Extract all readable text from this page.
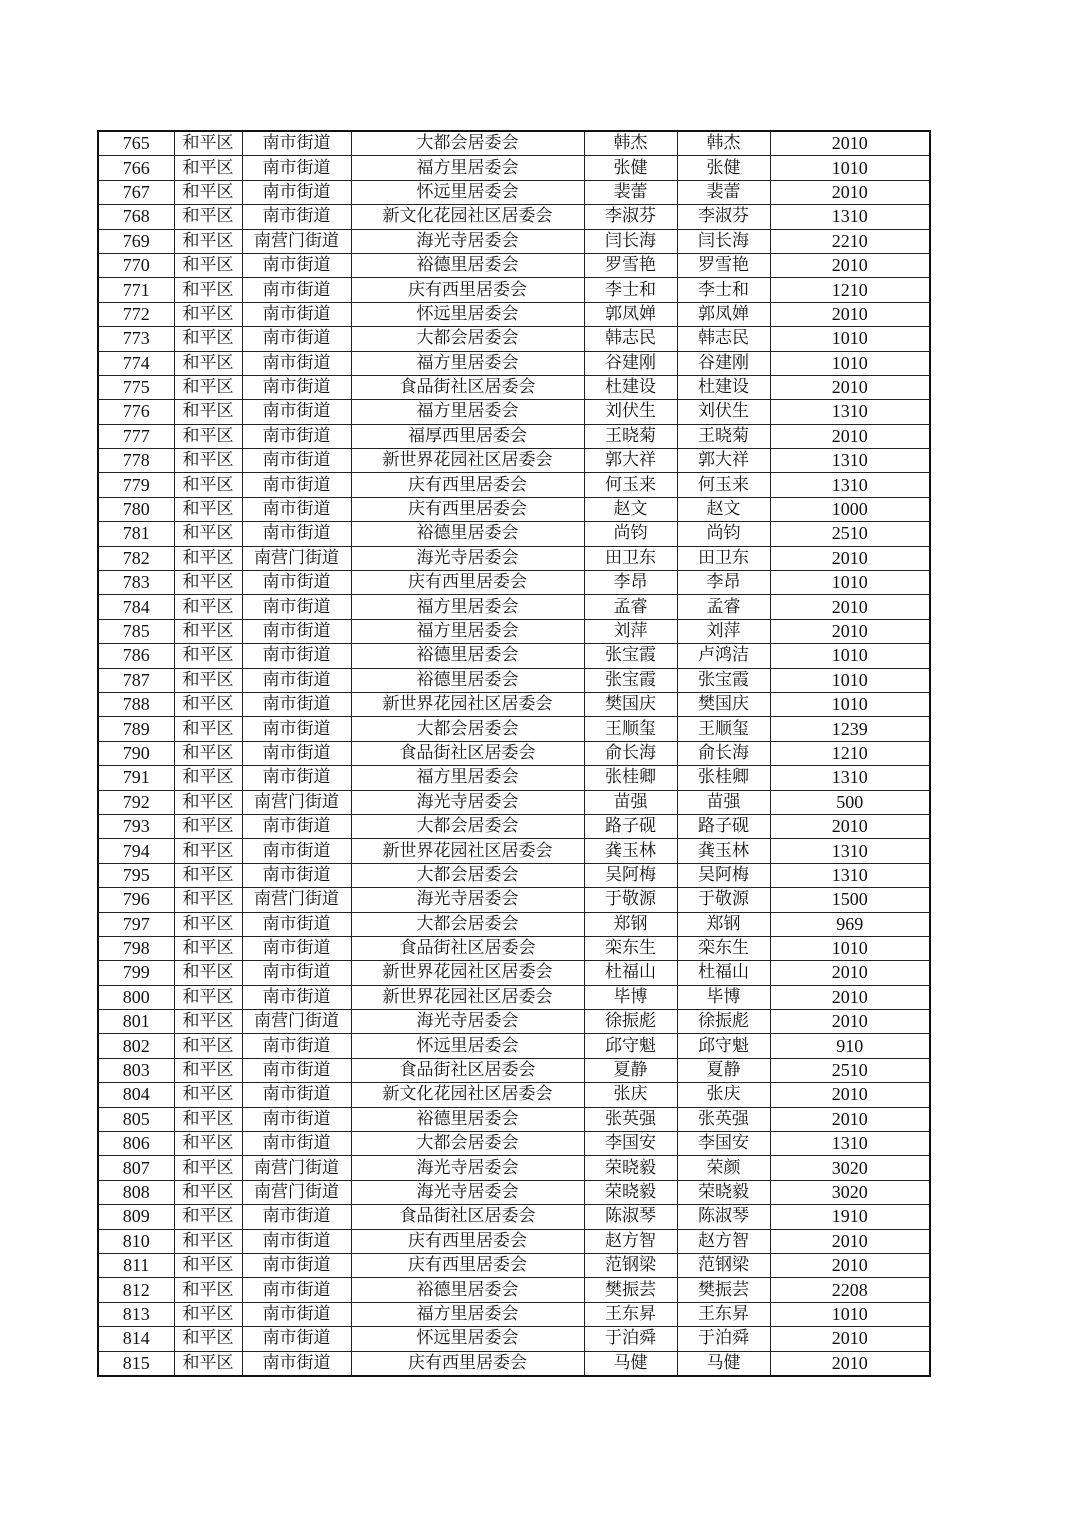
765	和平区	南市街道	大都会居委会	韩杰	韩杰	2010
766	和平区	南市街道	福方里居委会	张健	张健	1010
767	和平区	南市街道	怀远里居委会	裴蕾	裴蕾	2010
768	和平区	南市街道	新文化花园社区居委会	李淑芬	李淑芬	1310
769	和平区	南营门街道	海光寺居委会	闫长海	闫长海	2210
770	和平区	南市街道	裕德里居委会	罗雪艳	罗雪艳	2010
771	和平区	南市街道	庆有西里居委会	李士和	李士和	1210
772	和平区	南市街道	怀远里居委会	郭凤婵	郭凤婵	2010
773	和平区	南市街道	大都会居委会	韩志民	韩志民	1010
774	和平区	南市街道	福方里居委会	谷建刚	谷建刚	1010
775	和平区	南市街道	食品街社区居委会	杜建设	杜建设	2010
776	和平区	南市街道	福方里居委会	刘伏生	刘伏生	1310
777	和平区	南市街道	福厚西里居委会	王晓菊	王晓菊	2010
778	和平区	南市街道	新世界花园社区居委会	郭大祥	郭大祥	1310
779	和平区	南市街道	庆有西里居委会	何玉来	何玉来	1310
780	和平区	南市街道	庆有西里居委会	赵文	赵文	1000
781	和平区	南市街道	裕德里居委会	尚钧	尚钧	2510
782	和平区	南营门街道	海光寺居委会	田卫东	田卫东	2010
783	和平区	南市街道	庆有西里居委会	李昂	李昂	1010
784	和平区	南市街道	福方里居委会	孟睿	孟睿	2010
785	和平区	南市街道	福方里居委会	刘萍	刘萍	2010
786	和平区	南市街道	裕德里居委会	张宝霞	卢鸿洁	1010
787	和平区	南市街道	裕德里居委会	张宝霞	张宝霞	1010
788	和平区	南市街道	新世界花园社区居委会	樊国庆	樊国庆	1010
789	和平区	南市街道	大都会居委会	王顺玺	王顺玺	1239
790	和平区	南市街道	食品街社区居委会	俞长海	俞长海	1210
791	和平区	南市街道	福方里居委会	张桂卿	张桂卿	1310
792	和平区	南营门街道	海光寺居委会	苗强	苗强	500
793	和平区	南市街道	大都会居委会	路子砚	路子砚	2010
794	和平区	南市街道	新世界花园社区居委会	龚玉林	龚玉林	1310
795	和平区	南市街道	大都会居委会	吴阿梅	吴阿梅	1310
796	和平区	南营门街道	海光寺居委会	于敬源	于敬源	1500
797	和平区	南市街道	大都会居委会	郑钢	郑钢	969
798	和平区	南市街道	食品街社区居委会	栾东生	栾东生	1010
799	和平区	南市街道	新世界花园社区居委会	杜福山	杜福山	2010
800	和平区	南市街道	新世界花园社区居委会	毕博	毕博	2010
801	和平区	南营门街道	海光寺居委会	徐振彪	徐振彪	2010
802	和平区	南市街道	怀远里居委会	邱守魁	邱守魁	910
803	和平区	南市街道	食品街社区居委会	夏静	夏静	2510
804	和平区	南市街道	新文化花园社区居委会	张庆	张庆	2010
805	和平区	南市街道	裕德里居委会	张英强	张英强	2010
806	和平区	南市街道	大都会居委会	李国安	李国安	1310
807	和平区	南营门街道	海光寺居委会	荣晓毅	荣颜	3020
808	和平区	南营门街道	海光寺居委会	荣晓毅	荣晓毅	3020
809	和平区	南市街道	食品街社区居委会	陈淑琴	陈淑琴	1910
810	和平区	南市街道	庆有西里居委会	赵方智	赵方智	2010
811	和平区	南市街道	庆有西里居委会	范钢梁	范钢梁	2010
812	和平区	南市街道	裕德里居委会	樊振芸	樊振芸	2208
813	和平区	南市街道	福方里居委会	王东昇	王东昇	1010
814	和平区	南市街道	怀远里居委会	于泊舜	于泊舜	2010
815	和平区	南市街道	庆有西里居委会	马健	马健	2010
